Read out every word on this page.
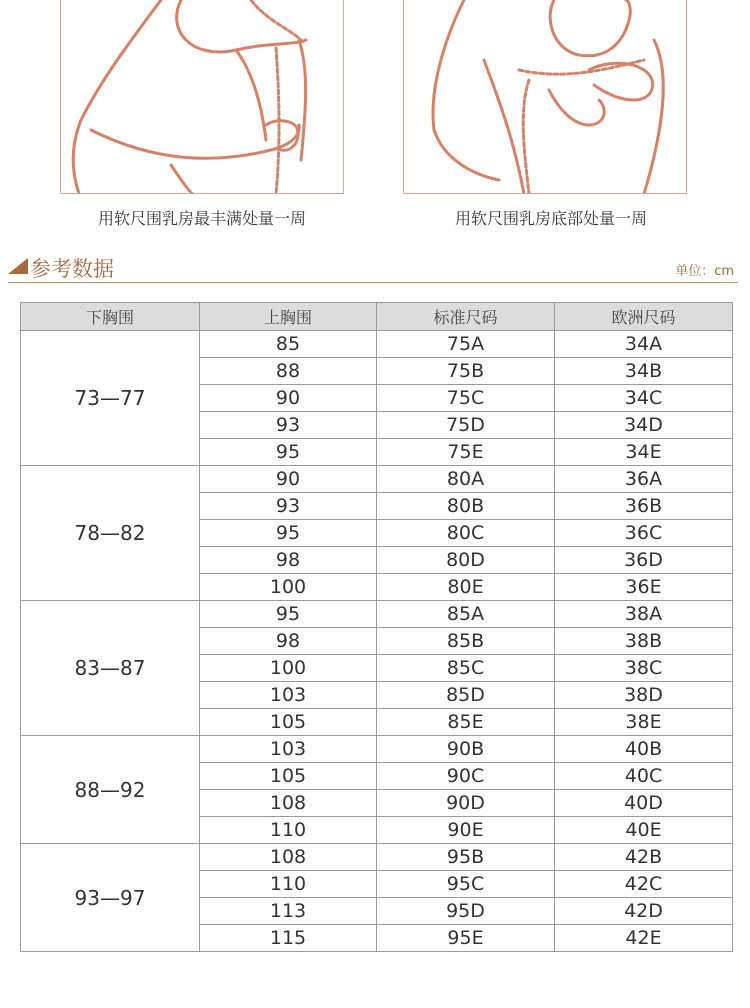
用软尺围乳房最丰满处量一周	用软尺围乳房底部处量一周
参考数据	单位：cm
下胸围	上胸围	标准尺码	欧洲尺码
73—77	85	75A	34A
	88	75B	34B
	90	75C	34C
	93	75D	34D
	95	75E	34E
78—82	90	80A	36A
	93	80B	36B
	95	80C	36C
	98	80D	36D
	100	80E	36E
83—87	95	85A	38A
	98	85B	38B
	100	85C	38C
	103	85D	38D
	105	85E	38E
88—92	103	90B	40B
	105	90C	40C
	108	90D	40D
	110	90E	40E
93—97	108	95B	42B
	110	95C	42C
	113	95D	42D
	115	95E	42E
